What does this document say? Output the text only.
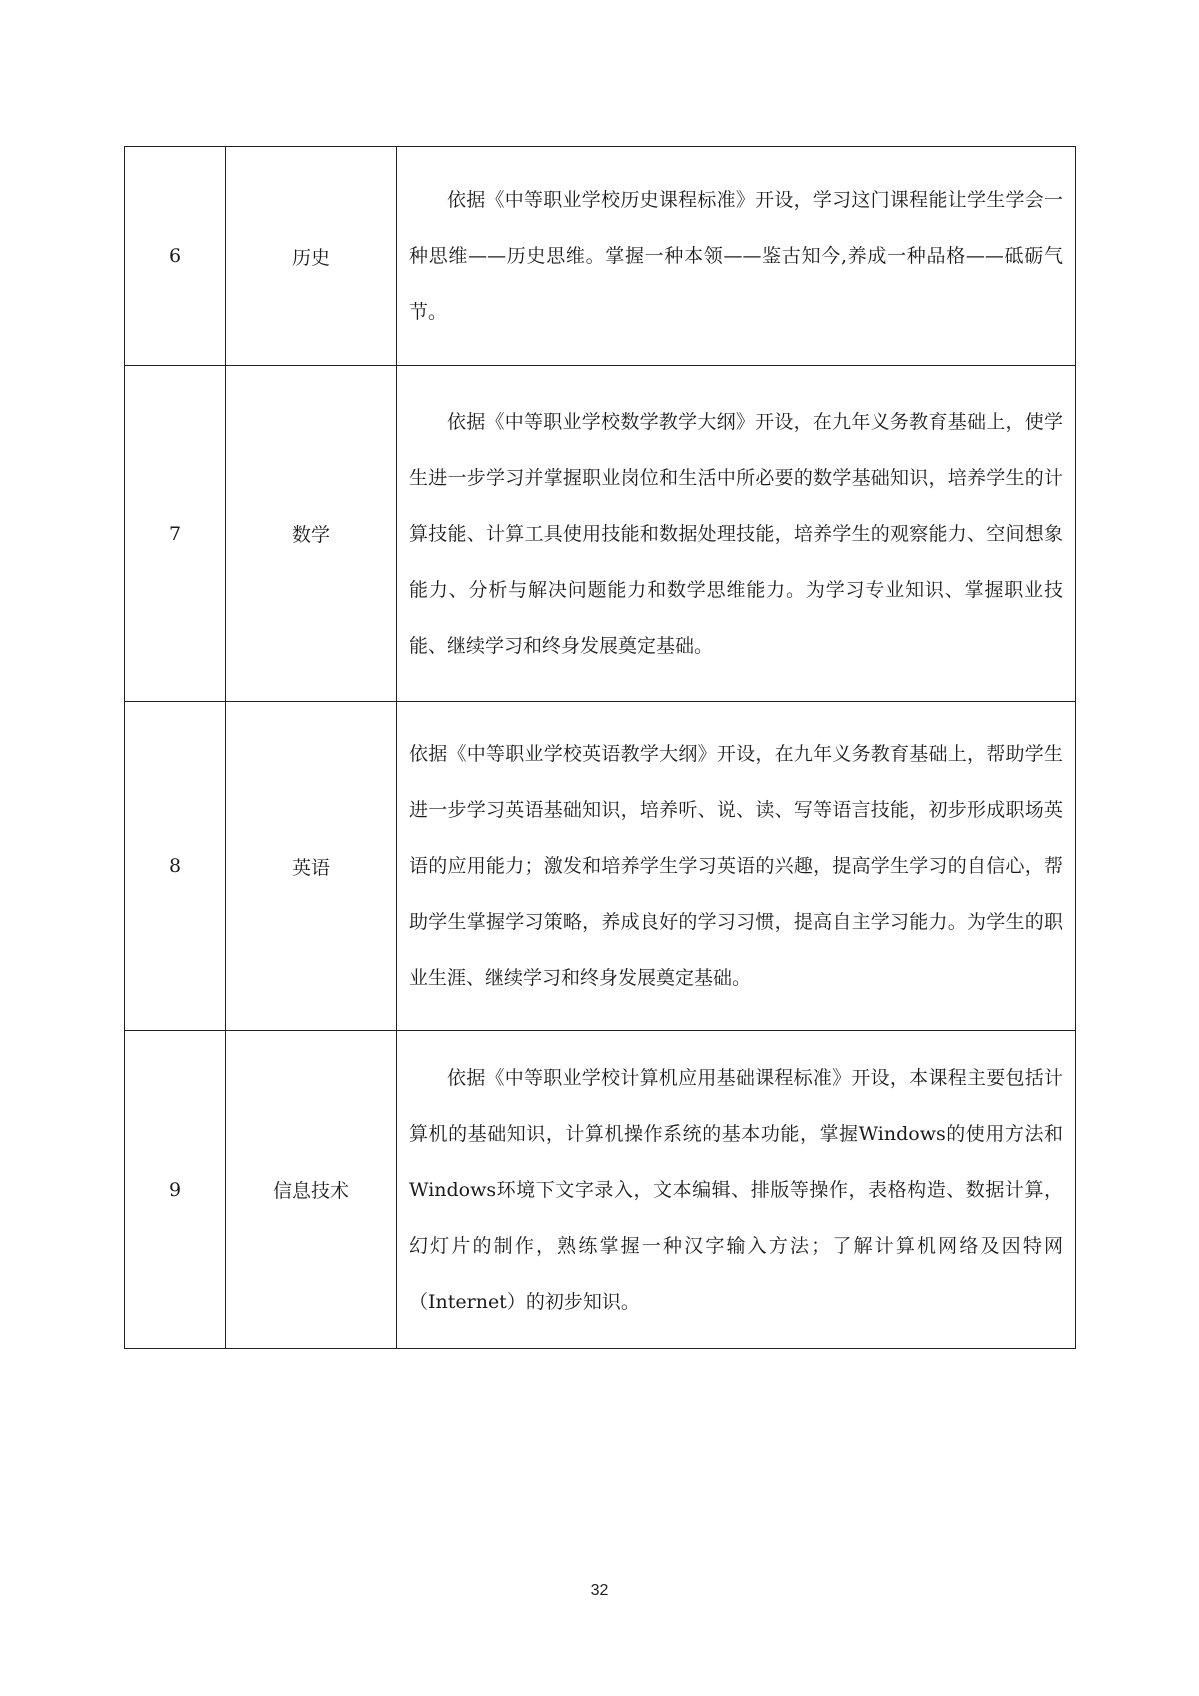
6	历史	依据《中等职业学校历史课程标准》开设，学习这门课程能让学生学会一种思维——历史思维。掌握一种本领——鉴古知今,养成一种品格——砥砺气节。

7	数学	依据《中等职业学校数学教学大纲》开设，在九年义务教育基础上，使学生进一步学习并掌握职业岗位和生活中所必要的数学基础知识，培养学生的计算技能、计算工具使用技能和数据处理技能，培养学生的观察能力、空间想象能力、分析与解决问题能力和数学思维能力。为学习专业知识、掌握职业技能、继续学习和终身发展奠定基础。

8	英语	依据《中等职业学校英语教学大纲》开设，在九年义务教育基础上，帮助学生进一步学习英语基础知识，培养听、说、读、写等语言技能，初步形成职场英语的应用能力；激发和培养学生学习英语的兴趣，提高学生学习的自信心，帮助学生掌握学习策略，养成良好的学习习惯，提高自主学习能力。为学生的职业生涯、继续学习和终身发展奠定基础。

9	信息技术	依据《中等职业学校计算机应用基础课程标准》开设，本课程主要包括计算机的基础知识，计算机操作系统的基本功能，掌握Windows的使用方法和Windows环境下文字录入，文本编辑、排版等操作，表格构造、数据计算，幻灯片的制作，熟练掌握一种汉字输入方法；了解计算机网络及因特网（Internet）的初步知识。

32
